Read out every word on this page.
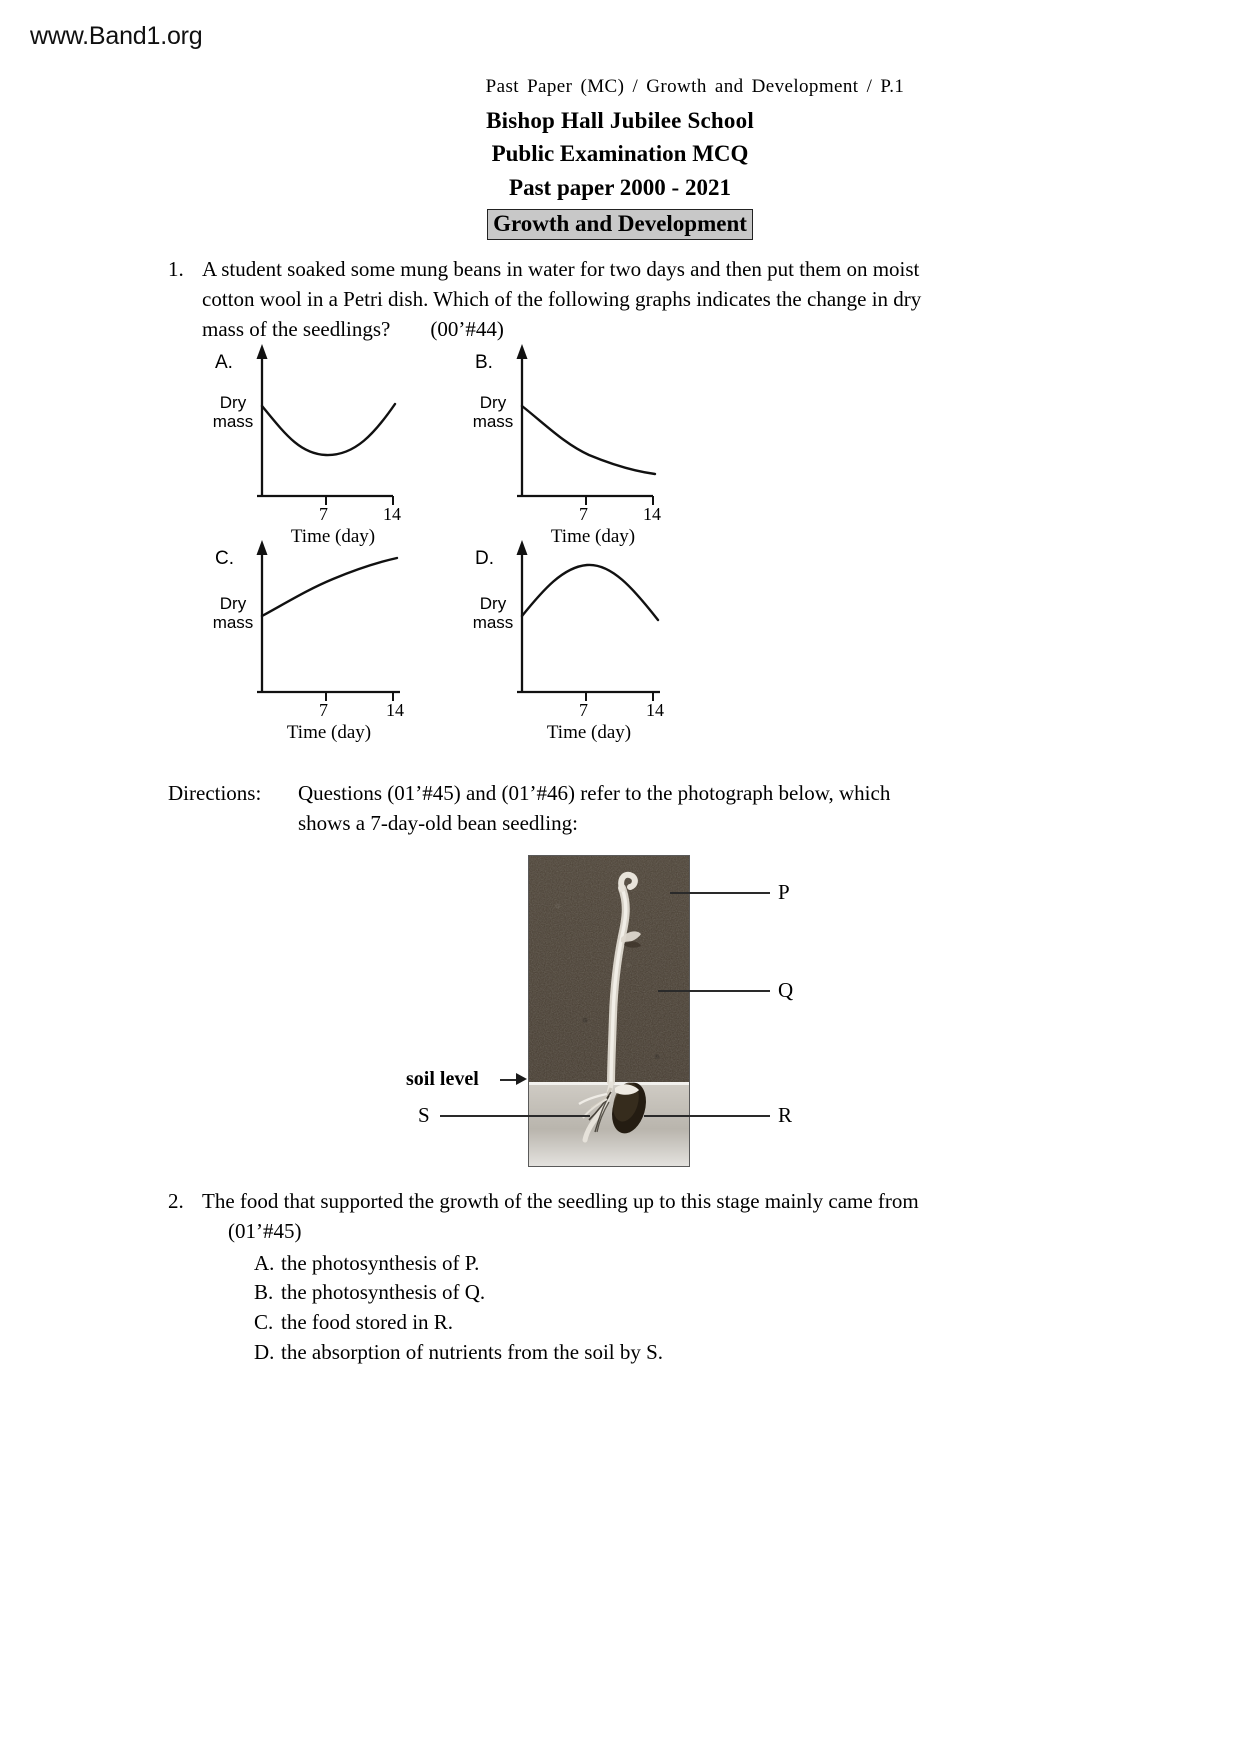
www.Band1.org
Past Paper (MC) / Growth and Development / P.1
Bishop Hall Jubilee School
Public Examination MCQ
Past paper 2000 - 2021
Growth and Development
1. A student soaked some mung beans in water for two days and then put them on moist
cotton wool in a Petri dish. Which of the following graphs indicates the change in dry
mass of the seedlings? (00’#44)
A.
Dry
mass
7	14
Time (day)
B.
Dry
mass
7	14
Time (day)
C.
Dry
mass
7	14
Time (day)
D.
Dry
mass
7	14
Time (day)
Directions:	Questions (01’#45) and (01’#46) refer to the photograph below, which
shows a 7-day-old bean seedling:
P
Q
soil level
S	R
2. The food that supported the growth of the seedling up to this stage mainly came from
(01’#45)
A. the photosynthesis of P.
B. the photosynthesis of Q.
C. the food stored in R.
D. the absorption of nutrients from the soil by S.
